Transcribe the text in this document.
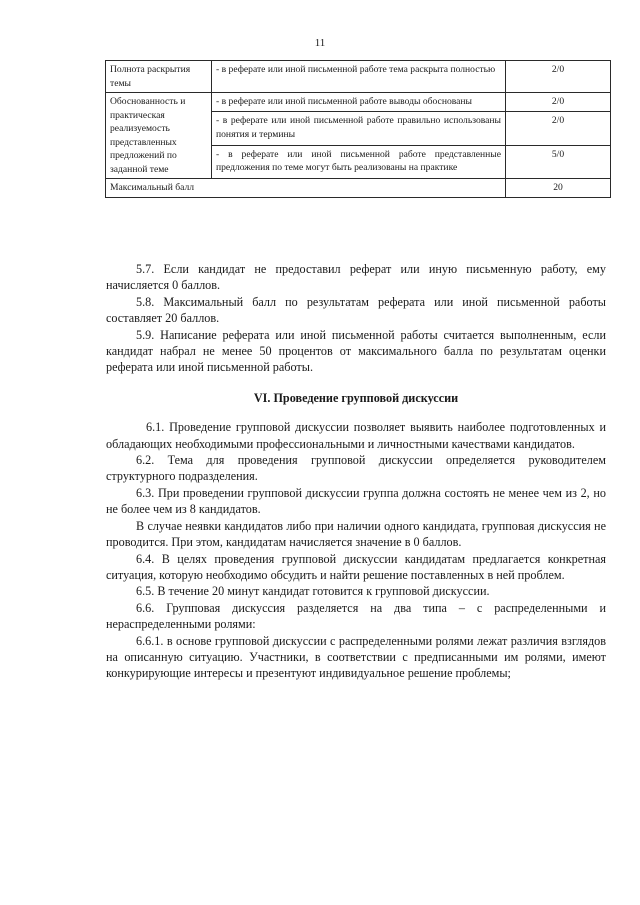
11
Полнота раскрытия темы	- в реферате или иной письменной работе тема раскрыта полностью	2/0
Обоснованность и практическая реализуемость представленных предложений по заданной теме	- в реферате или иной письменной работе выводы обоснованы	2/0
	- в реферате или иной письменной работе правильно использованы понятия и термины	2/0
	- в реферате или иной письменной работе представленные предложения по теме могут быть реализованы на практике	5/0
Максимальный балл		20

5.7. Если кандидат не предоставил реферат или иную письменную работу, ему начисляется 0 баллов.

5.8. Максимальный балл по результатам реферата или иной письменной работы составляет 20 баллов.

5.9. Написание реферата или иной письменной работы считается выполненным, если кандидат набрал не менее 50 процентов от максимального балла по результатам оценки реферата или иной письменной работы.

VI. Проведение групповой дискуссии

6.1. Проведение групповой дискуссии позволяет выявить наиболее подготовленных и обладающих необходимыми профессиональными и личностными качествами кандидатов.

6.2. Тема для проведения групповой дискуссии определяется руководителем структурного подразделения.

6.3. При проведении групповой дискуссии группа должна состоять не менее чем из 2, но не более чем из 8 кандидатов.

В случае неявки кандидатов либо при наличии одного кандидата, групповая дискуссия не проводится. При этом, кандидатам начисляется значение в 0 баллов.

6.4. В целях проведения групповой дискуссии кандидатам предлагается конкретная ситуация, которую необходимо обсудить и найти решение поставленных в ней проблем.

6.5. В течение 20 минут кандидат готовится к групповой дискуссии.

6.6. Групповая дискуссия разделяется на два типа – с распределенными и нераспределенными ролями:

6.6.1. в основе групповой дискуссии с распределенными ролями лежат различия взглядов на описанную ситуацию. Участники, в соответствии с предписанными им ролями, имеют конкурирующие интересы и презентуют индивидуальное решение проблемы;
